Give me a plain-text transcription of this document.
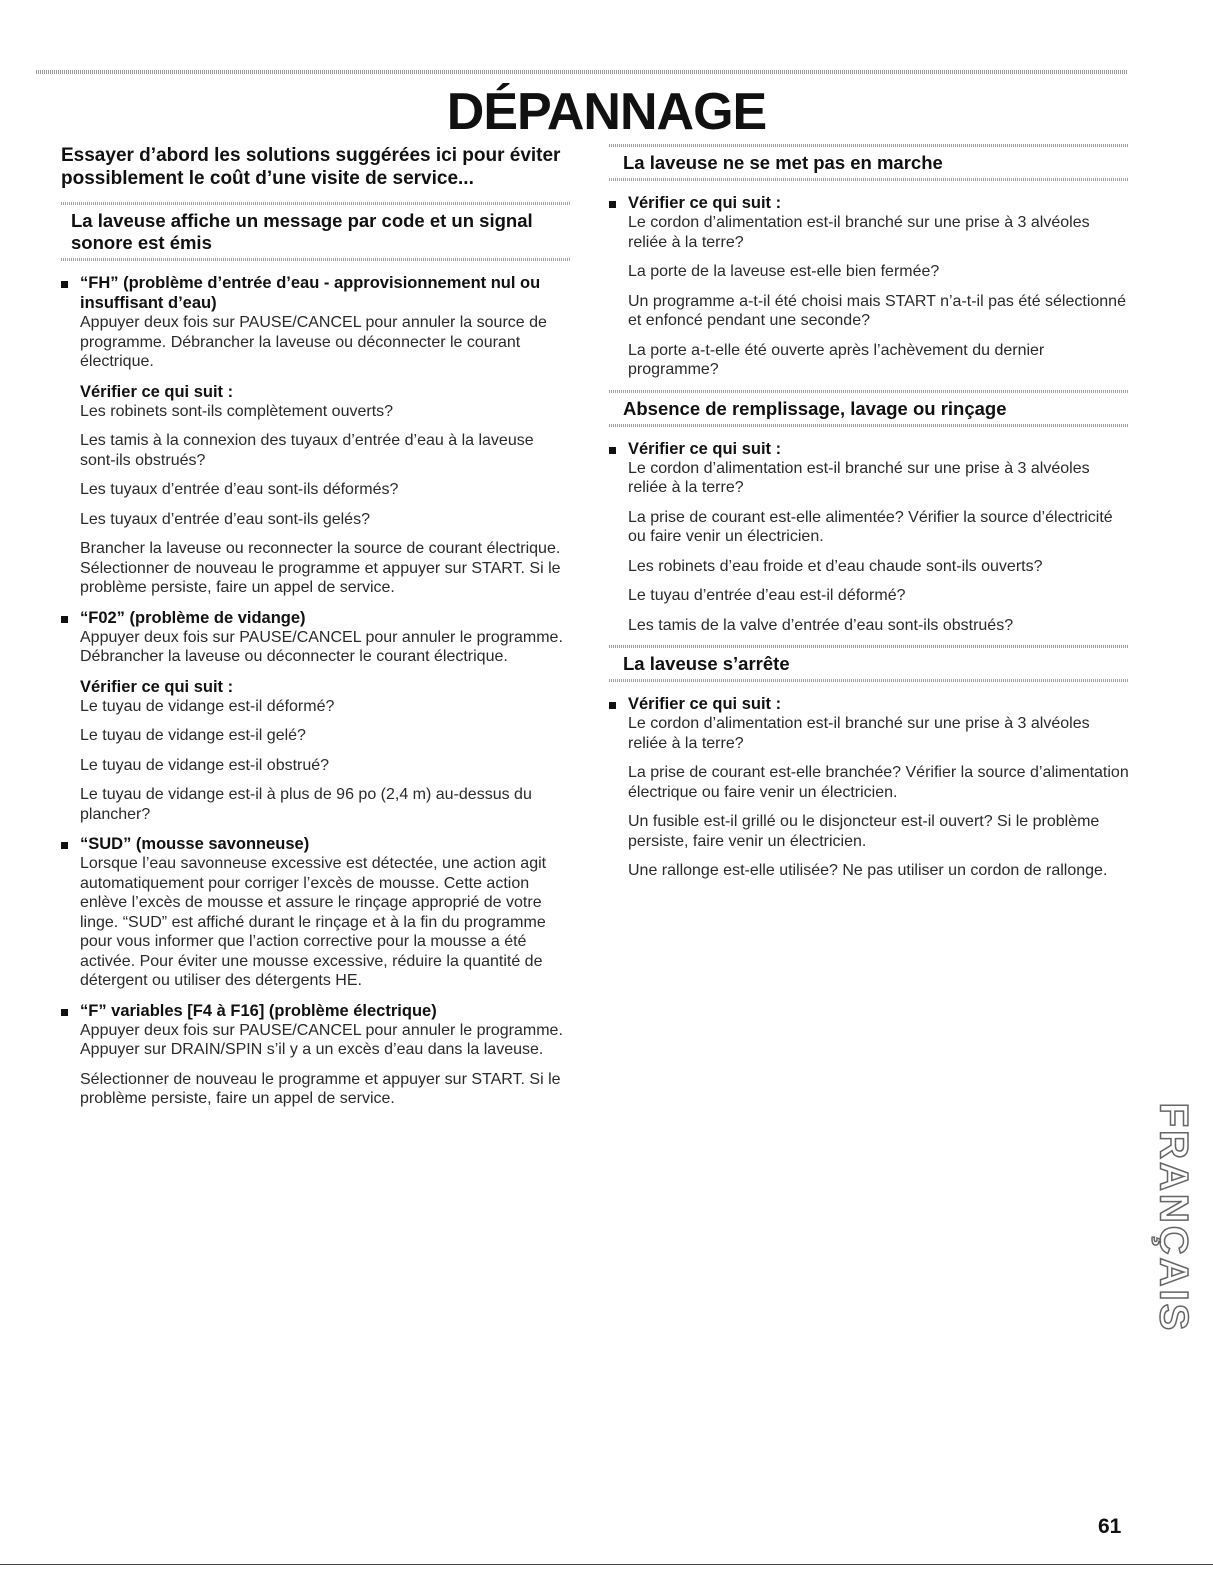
DÉPANNAGE
Essayer d’abord les solutions suggérées ici pour éviter possiblement le coût d’une visite de service...
La laveuse affiche un message par code et un signal sonore est émis
“FH” (problème d’entrée d’eau - approvisionnement nul ou insuffisant d’eau)
Appuyer deux fois sur PAUSE/CANCEL pour annuler la source de programme. Débrancher la laveuse ou déconnecter le courant électrique.
Vérifier ce qui suit :
Les robinets sont-ils complètement ouverts?
Les tamis à la connexion des tuyaux d’entrée d’eau à la laveuse sont-ils obstrués?
Les tuyaux d’entrée d’eau sont-ils déformés?
Les tuyaux d’entrée d’eau sont-ils gelés?
Brancher la laveuse ou reconnecter la source de courant électrique. Sélectionner de nouveau le programme et appuyer sur START. Si le problème persiste, faire un appel de service.
“F02” (problème de vidange)
Appuyer deux fois sur PAUSE/CANCEL pour annuler le programme. Débrancher la laveuse ou déconnecter le courant électrique.
Vérifier ce qui suit :
Le tuyau de vidange est-il déformé?
Le tuyau de vidange est-il gelé?
Le tuyau de vidange est-il obstrué?
Le tuyau de vidange est-il à plus de 96 po (2,4 m) au-dessus du plancher?
“SUD” (mousse savonneuse)
Lorsque l’eau savonneuse excessive est détectée, une action agit automatiquement pour corriger l’excès de mousse. Cette action enlève l’excès de mousse et assure le rinçage approprié de votre linge. “SUD” est affiché durant le rinçage et à la fin du programme pour vous informer que l’action corrective pour la mousse a été activée. Pour éviter une mousse excessive, réduire la quantité de détergent ou utiliser des détergents HE.
“F” variables [F4 à F16] (problème électrique)
Appuyer deux fois sur PAUSE/CANCEL pour annuler le programme. Appuyer sur DRAIN/SPIN s’il y a un excès d’eau dans la laveuse.
Sélectionner de nouveau le programme et appuyer sur START. Si le problème persiste, faire un appel de service.
La laveuse ne se met pas en marche
Vérifier ce qui suit :
Le cordon d’alimentation est-il branché sur une prise à 3 alvéoles reliée à la terre?
La porte de la laveuse est-elle bien fermée?
Un programme a-t-il été choisi mais START n’a-t-il pas été sélectionné et enfoncé pendant une seconde?
La porte a-t-elle été ouverte après l’achèvement du dernier programme?
Absence de remplissage, lavage ou rinçage
Vérifier ce qui suit :
Le cordon d’alimentation est-il branché sur une prise à 3 alvéoles reliée à la terre?
La prise de courant est-elle alimentée? Vérifier la source d’électricité ou faire venir un électricien.
Les robinets d’eau froide et d’eau chaude sont-ils ouverts?
Le tuyau d’entrée d’eau est-il déformé?
Les tamis de la valve d’entrée d’eau sont-ils obstrués?
La laveuse s’arrête
Vérifier ce qui suit :
Le cordon d’alimentation est-il branché sur une prise à 3 alvéoles reliée à la terre?
La prise de courant est-elle branchée? Vérifier la source d’alimentation électrique ou faire venir un électricien.
Un fusible est-il grillé ou le disjoncteur est-il ouvert? Si le problème persiste, faire venir un électricien.
Une rallonge est-elle utilisée? Ne pas utiliser un cordon de rallonge.
FRANÇAIS
61
